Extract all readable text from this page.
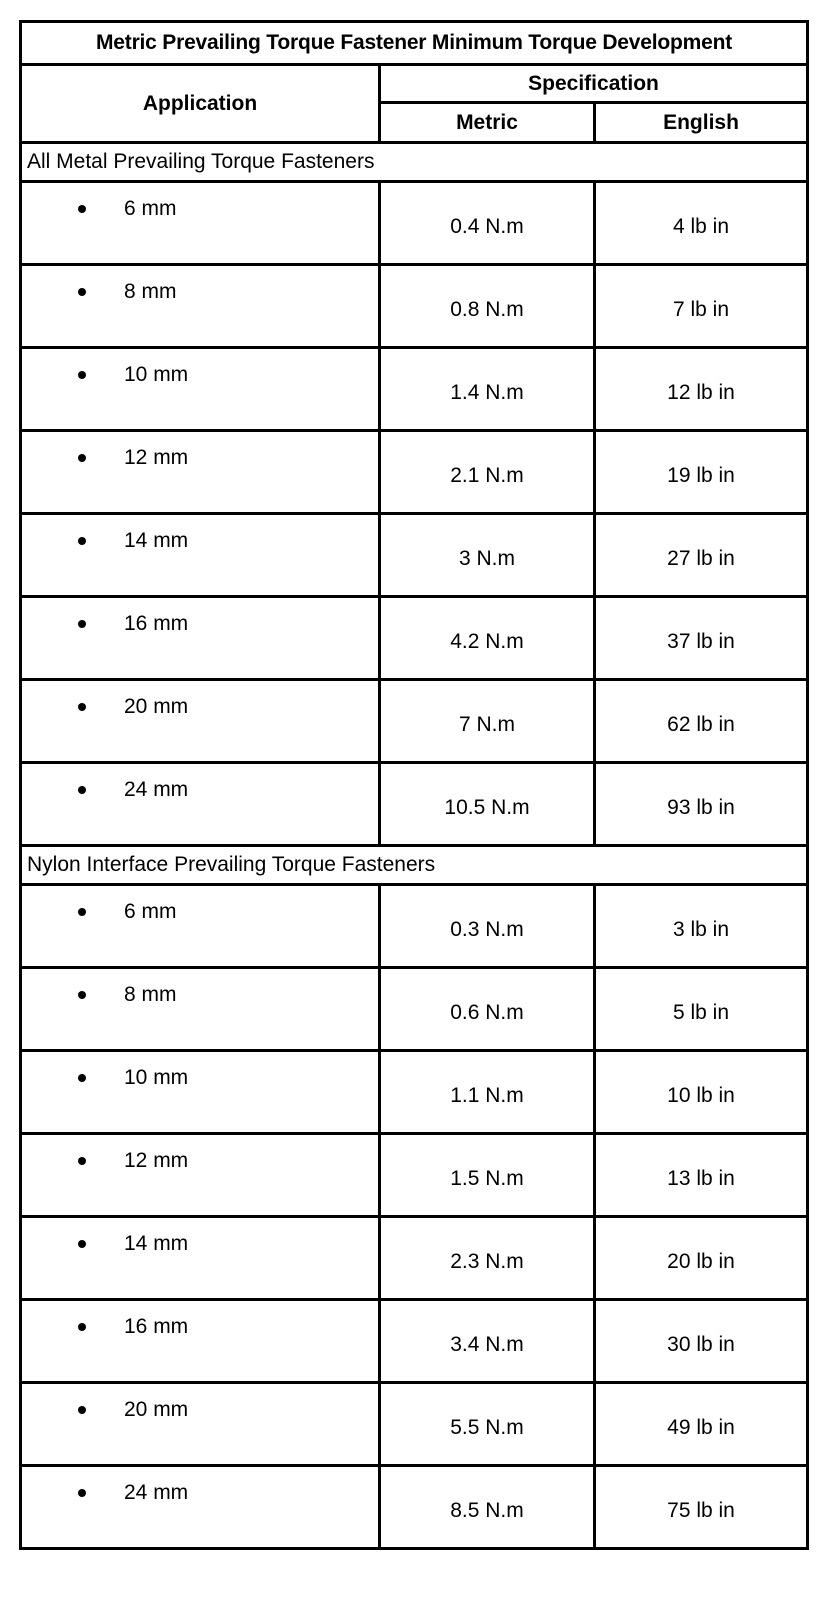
Metric Prevailing Torque Fastener Minimum Torque Development		
Application	Specification	
	Metric	English
All Metal Prevailing Torque Fasteners		

6 mm	0.4 N.m	4 lb in

8 mm	0.8 N.m	7 lb in

10 mm	1.4 N.m	12 lb in

12 mm	2.1 N.m	19 lb in

14 mm	3 N.m	27 lb in

16 mm	4.2 N.m	37 lb in

20 mm	7 N.m	62 lb in

24 mm	10.5 N.m	93 lb in
Nylon Interface Prevailing Torque Fasteners		

6 mm	0.3 N.m	3 lb in

8 mm	0.6 N.m	5 lb in

10 mm	1.1 N.m	10 lb in

12 mm	1.5 N.m	13 lb in

14 mm	2.3 N.m	20 lb in

16 mm	3.4 N.m	30 lb in

20 mm	5.5 N.m	49 lb in

24 mm	8.5 N.m	75 lb in
